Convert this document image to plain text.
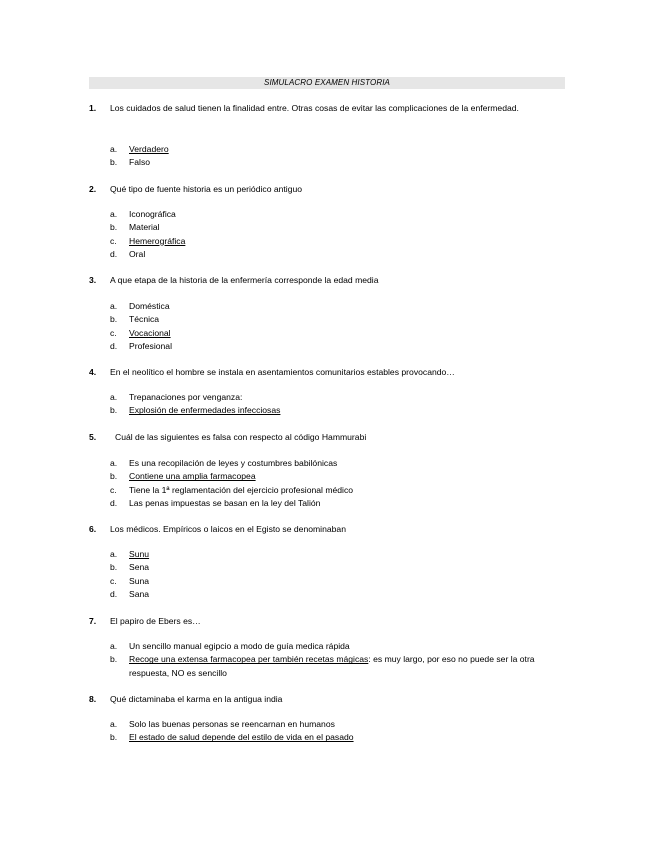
SIMULACRO EXAMEN HISTORIA
1.	Los cuidados de salud tienen la finalidad entre. Otras cosas de evitar las complicaciones de la enfermedad.
a.	Verdadero
b.	Falso
2.	Qué tipo de fuente historia es un periódico antiguo
a.	Iconográfica
b.	Material
c.	Hemerográfica
d.	Oral
3.	A que etapa de la historia de la enfermería corresponde la edad media
a.	Doméstica
b.	Técnica
c.	Vocacional
d.	Profesional
4.	En el neolítico el hombre se instala en asentamientos comunitarios estables provocando…
a.	Trepanaciones por venganza:
b.	Explosión de enfermedades infecciosas
5.	Cuál de las siguientes es falsa con respecto al código Hammurabi
a.	Es una recopilación de leyes y costumbres babilónicas
b.	Contiene una amplia farmacopea
c.	Tiene la 1ª reglamentación del ejercicio profesional médico
d.	Las penas impuestas se basan en la ley del Talión
6.	Los médicos. Empíricos o laicos en el Egisto se denominaban
a.	Sunu
b.	Sena
c.	Suna
d.	Sana
7.	El papiro de Ebers es…
a.	Un sencillo manual egipcio a modo de guía medica rápida
b.	Recoge una extensa farmacopea per también recetas mágicas: es muy largo, por eso no puede ser la otra respuesta, NO es sencillo
8.	Qué dictaminaba el karma en la antigua india
a.	Solo las buenas personas se reencarnan en humanos
b.	El estado de salud depende del estilo de vida en el pasado
